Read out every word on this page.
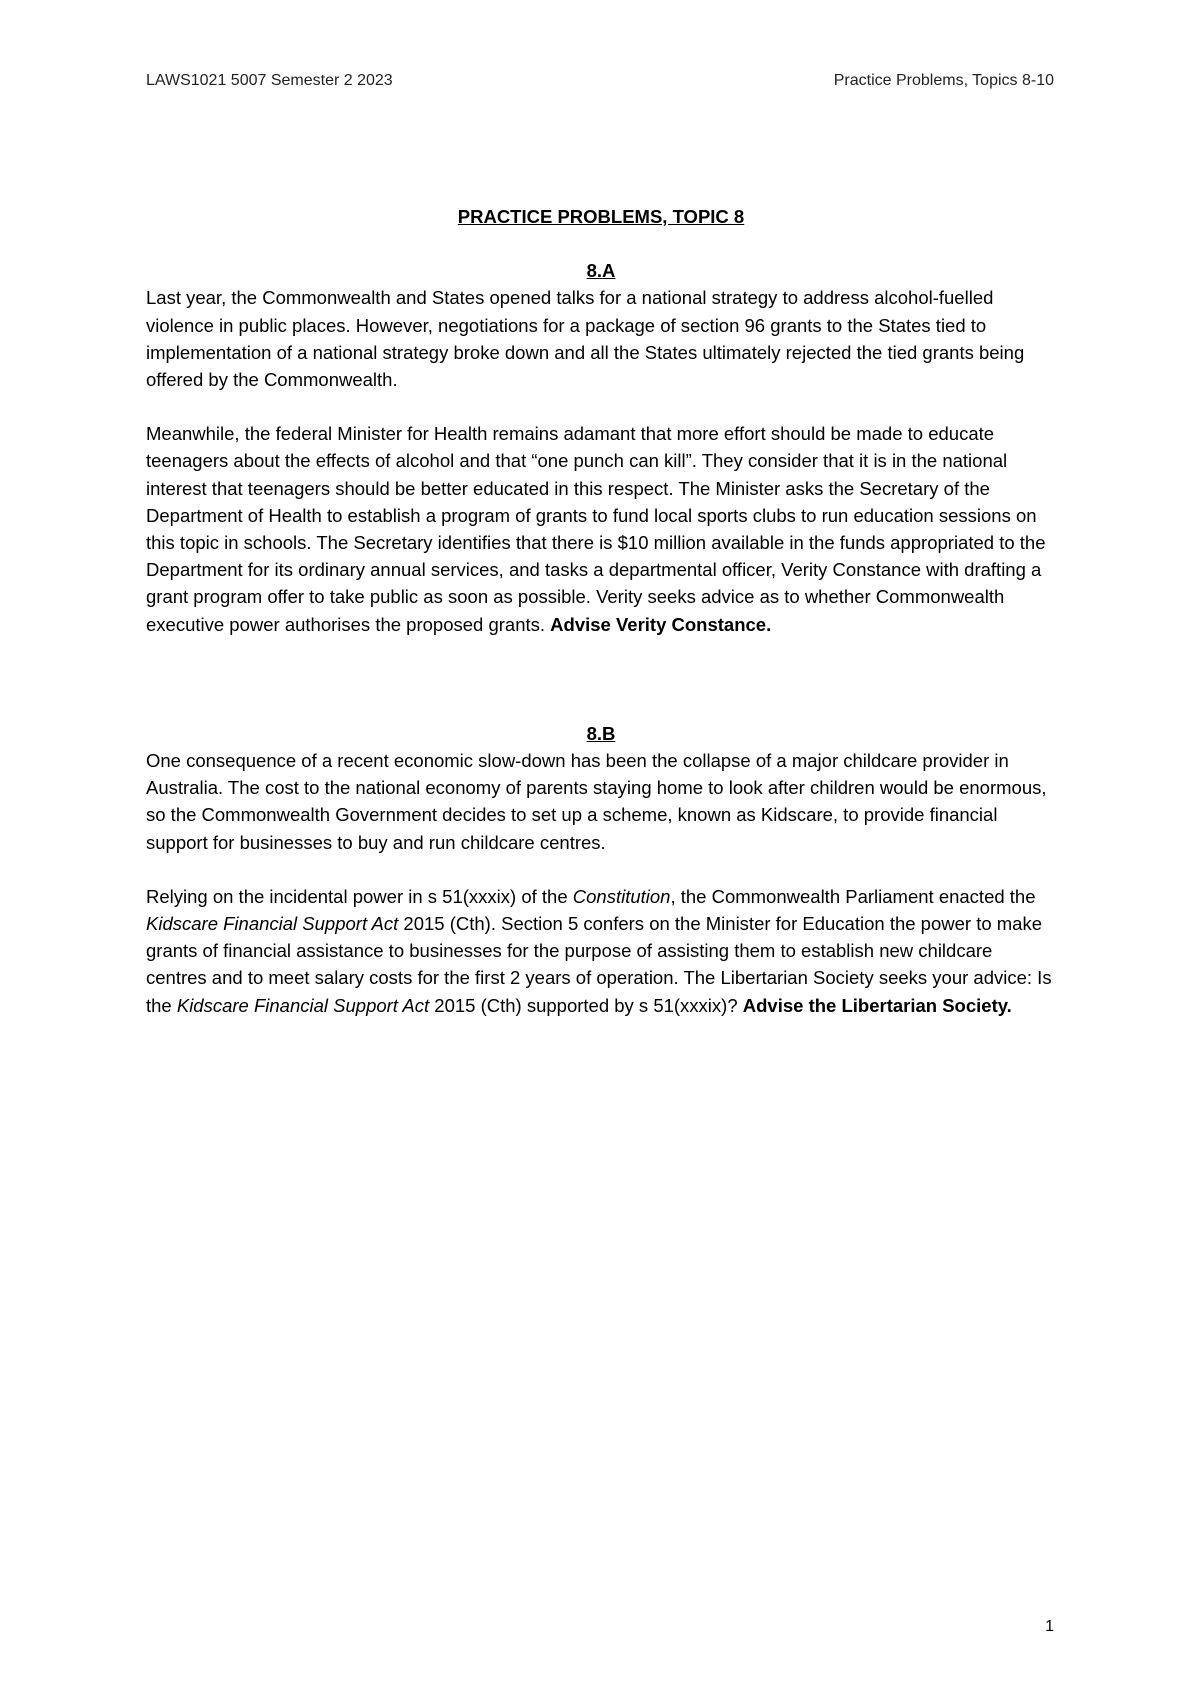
LAWS1021 5007 Semester 2 2023	Practice Problems, Topics 8-10

PRACTICE PROBLEMS, TOPIC 8

8.A

Last year, the Commonwealth and States opened talks for a national strategy to address alcohol-fuelled violence in public places. However, negotiations for a package of section 96 grants to the States tied to implementation of a national strategy broke down and all the States ultimately rejected the tied grants being offered by the Commonwealth.

Meanwhile, the federal Minister for Health remains adamant that more effort should be made to educate teenagers about the effects of alcohol and that “one punch can kill”. They consider that it is in the national interest that teenagers should be better educated in this respect. The Minister asks the Secretary of the Department of Health to establish a program of grants to fund local sports clubs to run education sessions on this topic in schools. The Secretary identifies that there is $10 million available in the funds appropriated to the Department for its ordinary annual services, and tasks a departmental officer, Verity Constance with drafting a grant program offer to take public as soon as possible. Verity seeks advice as to whether Commonwealth executive power authorises the proposed grants. Advise Verity Constance.

8.B

One consequence of a recent economic slow-down has been the collapse of a major childcare provider in Australia. The cost to the national economy of parents staying home to look after children would be enormous, so the Commonwealth Government decides to set up a scheme, known as Kidscare, to provide financial support for businesses to buy and run childcare centres.

Relying on the incidental power in s 51(xxxix) of the Constitution, the Commonwealth Parliament enacted the Kidscare Financial Support Act 2015 (Cth). Section 5 confers on the Minister for Education the power to make grants of financial assistance to businesses for the purpose of assisting them to establish new childcare centres and to meet salary costs for the first 2 years of operation. The Libertarian Society seeks your advice: Is the Kidscare Financial Support Act 2015 (Cth) supported by s 51(xxxix)? Advise the Libertarian Society.

1
